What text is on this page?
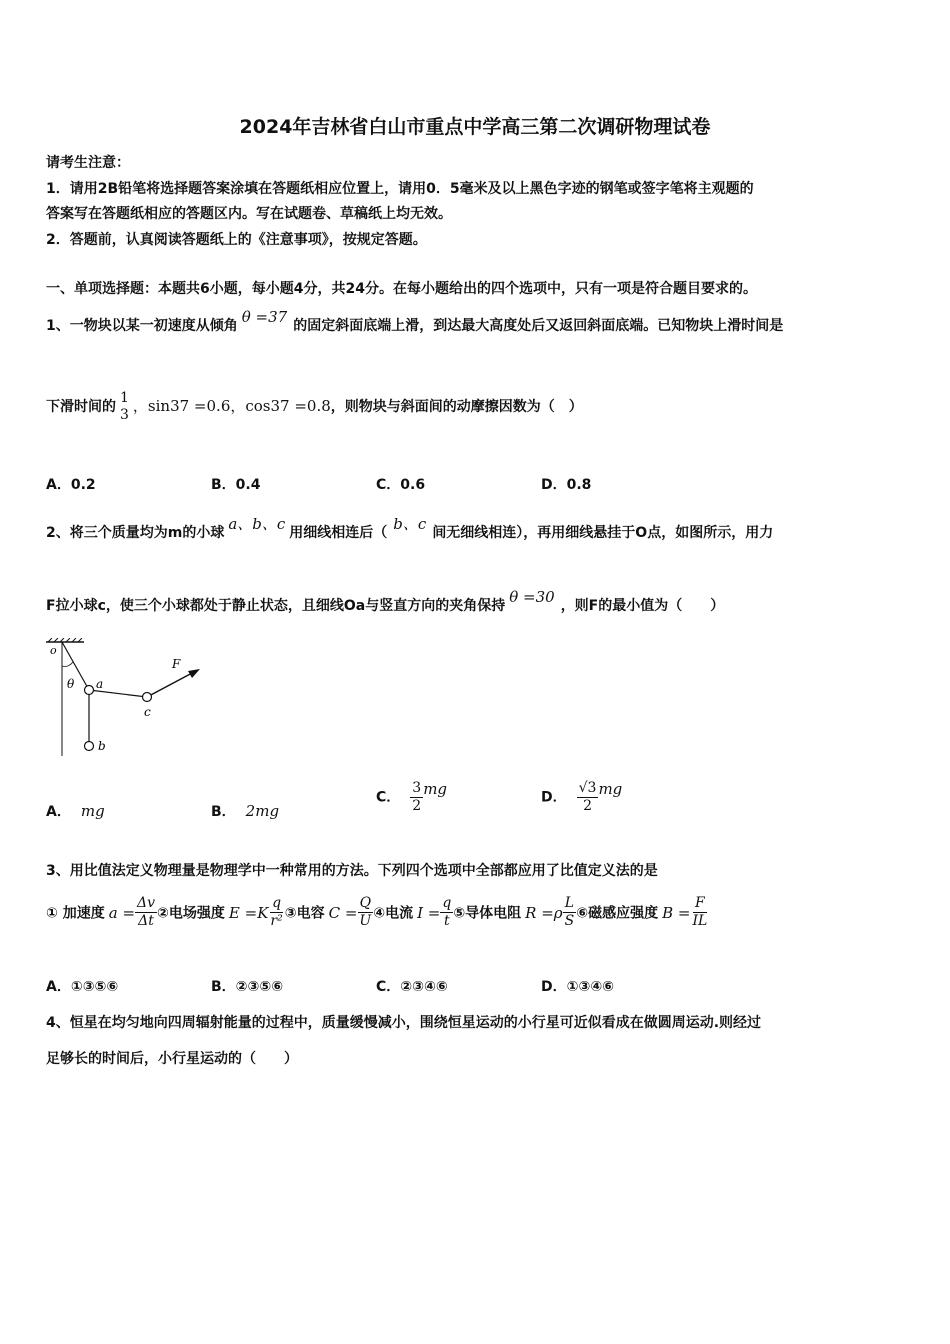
2024年吉林省白山市重点中学高三第二次调研物理试卷
请考生注意：
1．请用2B铅笔将选择题答案涂填在答题纸相应位置上，请用0．5毫米及以上黑色字迹的钢笔或签字笔将主观题的
答案写在答题纸相应的答题区内。写在试题卷、草稿纸上均无效。
2．答题前，认真阅读答题纸上的《注意事项》，按规定答题。
一、单项选择题：本题共6小题，每小题4分，共24分。在每小题给出的四个选项中，只有一项是符合题目要求的。
1、一物块以某一初速度从倾角 θ =37 的固定斜面底端上滑，到达最大高度处后又返回斜面底端。已知物块上滑时间是
下滑时间的
1
3 ，sin37 =0.6，cos37 =0.8，则物块与斜面间的动摩擦因数为（　）
A．0.2	B．0.4	C．0.6	D．0.8
2、将三个质量均为m的小球 a、b、c 用细线相连后（ b、c 间无细线相连），再用细线悬挂于O点，如图所示，用力
F拉小球c，使三个小球都处于静止状态，且细线Oa与竖直方向的夹角保持 θ =30 ，则F的最小值为（　　）
o
θ a
b
c
F
A． mg	B． 2mg
C． $\frac{3}{2}$ mg	D． $\frac{√3}{2}$ mg
3、用比值法定义物理量是物理学中一种常用的方法。下列四个选项中全部都应用了比值定义法的是
① 加速度 $a = \frac{\Delta v}{\Delta t}$ ②电场强度 $E =K \frac{q}{\text{r²}}$ ③电容 $C = \frac{Q}{U}$ ④电流 $I = \frac{q}{t}$ ⑤导体电阻 $R =\rho \frac{L}{S}$ ⑥磁感应强度 $B = \frac{F}{IL}$
A．①③⑤⑥	B．②③⑤⑥	C．②③④⑥	D．①③④⑥
4、恒星在均匀地向四周辐射能量的过程中，质量缓慢减小，围绕恒星运动的小行星可近似看成在做圆周运动.则经过
足够长的时间后，小行星运动的（　　）
